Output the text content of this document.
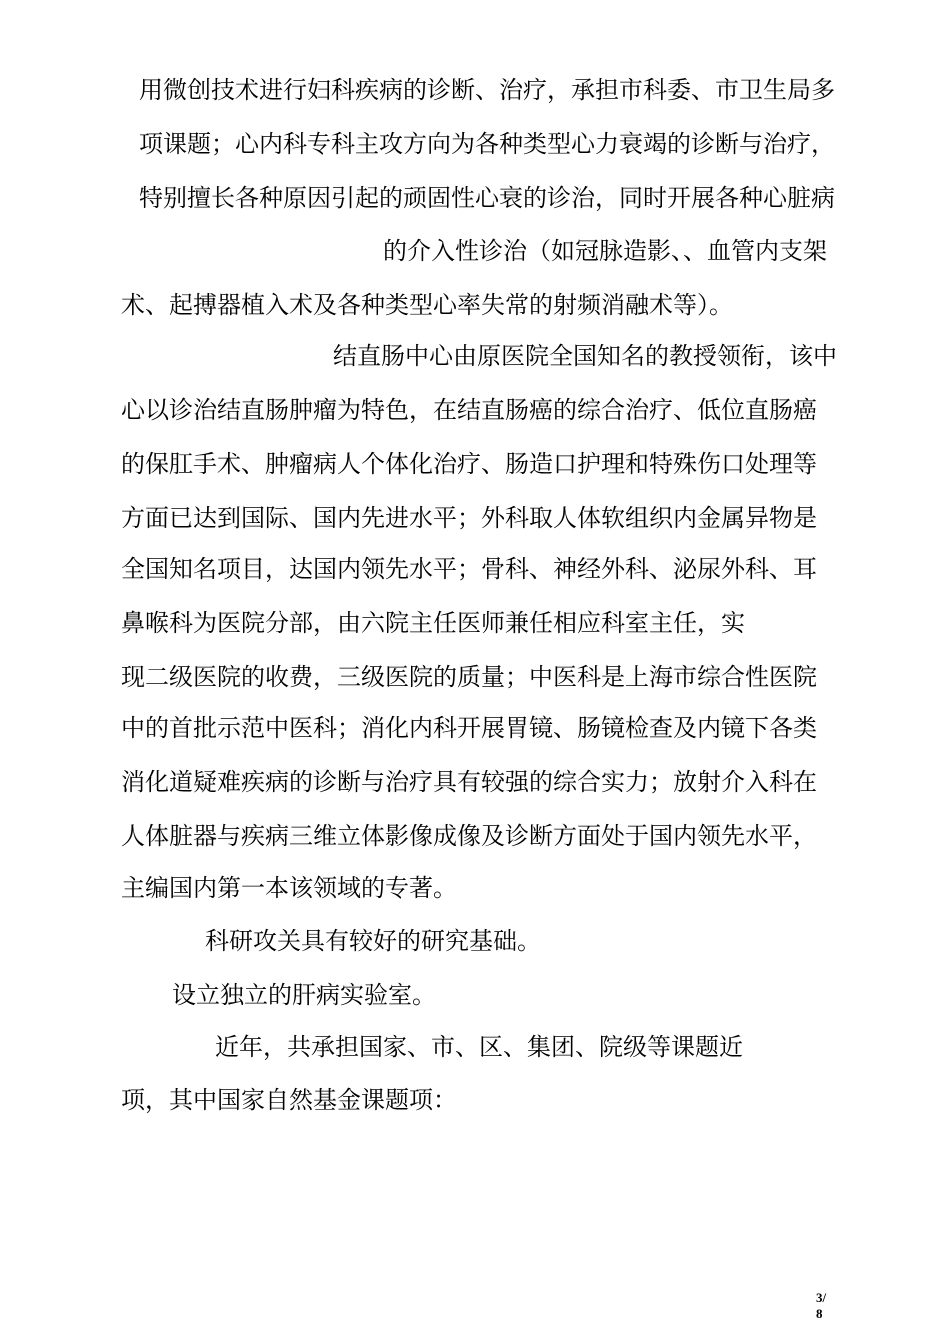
用微创技术进行妇科疾病的诊断、治疗，承担市科委、市卫生局多
项课题；心内科专科主攻方向为各种类型心力衰竭的诊断与治疗，
特别擅长各种原因引起的顽固性心衰的诊治，同时开展各种心脏病
的介入性诊治（如冠脉造影、、血管内支架
术、起搏器植入术及各种类型心率失常的射频消融术等）。
结直肠中心由原医院全国知名的教授领衔，该中
心以诊治结直肠肿瘤为特色，在结直肠癌的综合治疗、低位直肠癌
的保肛手术、肿瘤病人个体化治疗、肠造口护理和特殊伤口处理等
方面已达到国际、国内先进水平；外科取人体软组织内金属异物是
全国知名项目，达国内领先水平；骨科、神经外科、泌尿外科、耳
鼻喉科为医院分部，由六院主任医师兼任相应科室主任，实
现二级医院的收费，三级医院的质量；中医科是上海市综合性医院
中的首批示范中医科；消化内科开展胃镜、肠镜检查及内镜下各类
消化道疑难疾病的诊断与治疗具有较强的综合实力；放射介入科在
人体脏器与疾病三维立体影像成像及诊断方面处于国内领先水平，
主编国内第一本该领域的专著。
科研攻关具有较好的研究基础。
设立独立的肝病实验室。
近年，共承担国家、市、区、集团、院级等课题近
项，其中国家自然基金课题项：
3/
8
